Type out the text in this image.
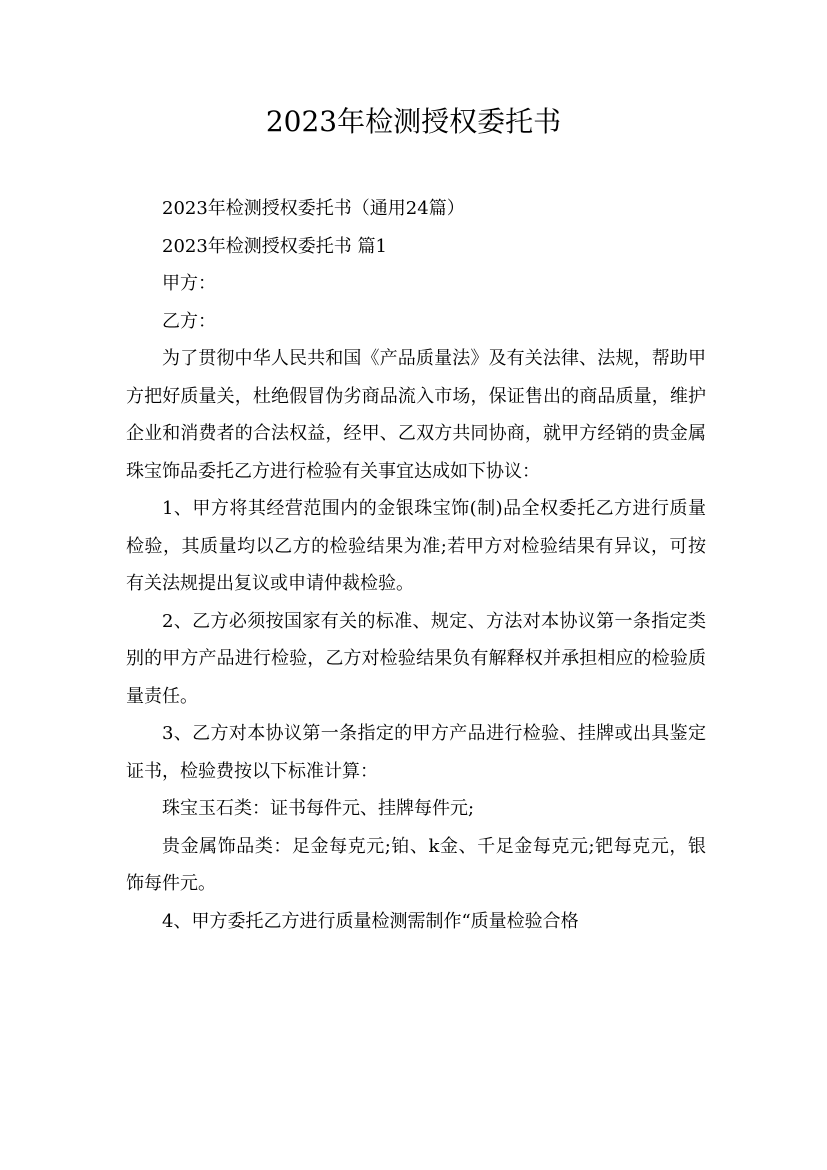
2023年检测授权委托书

2023年检测授权委托书（通用24篇）

2023年检测授权委托书 篇1

甲方：

乙方：

为了贯彻中华人民共和国《产品质量法》及有关法律、法规，帮助甲方把好质量关，杜绝假冒伪劣商品流入市场，保证售出的商品质量，维护企业和消费者的合法权益，经甲、乙双方共同协商，就甲方经销的贵金属珠宝饰品委托乙方进行检验有关事宜达成如下协议：

1、甲方将其经营范围内的金银珠宝饰(制)品全权委托乙方进行质量检验，其质量均以乙方的检验结果为准;若甲方对检验结果有异议，可按有关法规提出复议或申请仲裁检验。

2、乙方必须按国家有关的标准、规定、方法对本协议第一条指定类别的甲方产品进行检验，乙方对检验结果负有解释权并承担相应的检验质量责任。

3、乙方对本协议第一条指定的甲方产品进行检验、挂牌或出具鉴定证书，检验费按以下标准计算：

珠宝玉石类：证书每件元、挂牌每件元;

贵金属饰品类：足金每克元;铂、k金、千足金每克元;钯每克元，银饰每件元。

4、甲方委托乙方进行质量检测需制作“质量检验合格
